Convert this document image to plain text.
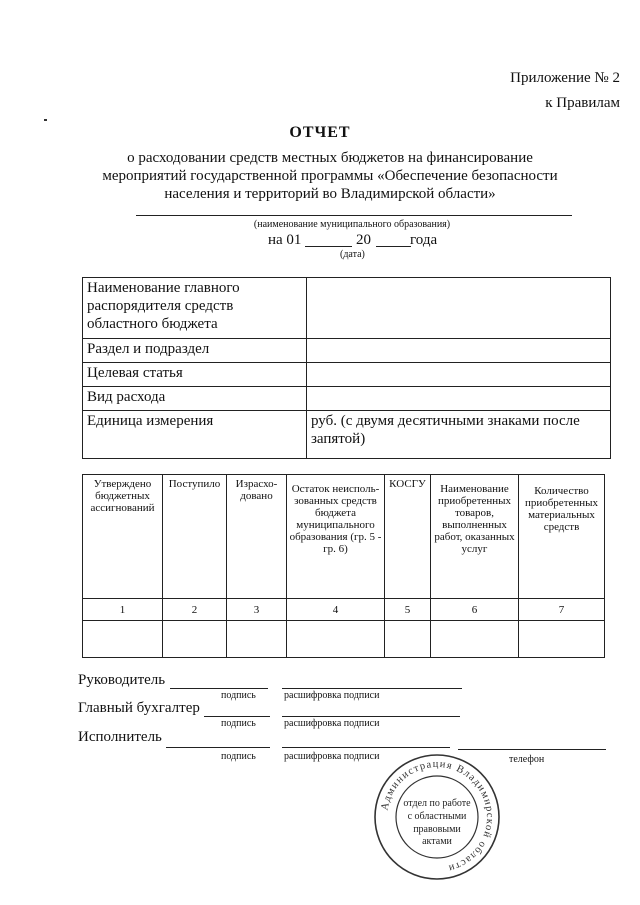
Приложение № 2
к Правилам
ОТЧЕТ
о расходовании средств местных бюджетов на финансирование
мероприятий государственной программы «Обеспечение безопасности
населения и территорий во Владимирской области»
(наименование муниципального образования)
на 01	20	года
(дата)
Наименование главного распорядителя средств областного бюджета	
Раздел и подраздел	
Целевая статья	
Вид расхода	
Единица измерения	руб. (с двумя десятичными знаками после запятой)
Утверждено бюджетных ассигнований	Поступило	Израсхо-дованo	Остаток неисполь-зованных средств бюджета муниципального образования (гр. 5 - гр. 6)	КОСГУ	Наименование приобретенных товаров, выполненных работ, оказанных услуг	Количество приобретенных материальных средств
1	2	3	4	5	6	7

Руководитель
подпись	расшифровка подписи
Главный бухгалтер
подпись	расшифровка подписи
Исполнитель
подпись	расшифровка подписи	телефон
Администрация Владимирской области
отдел по работе
с областными
правовыми
актами
